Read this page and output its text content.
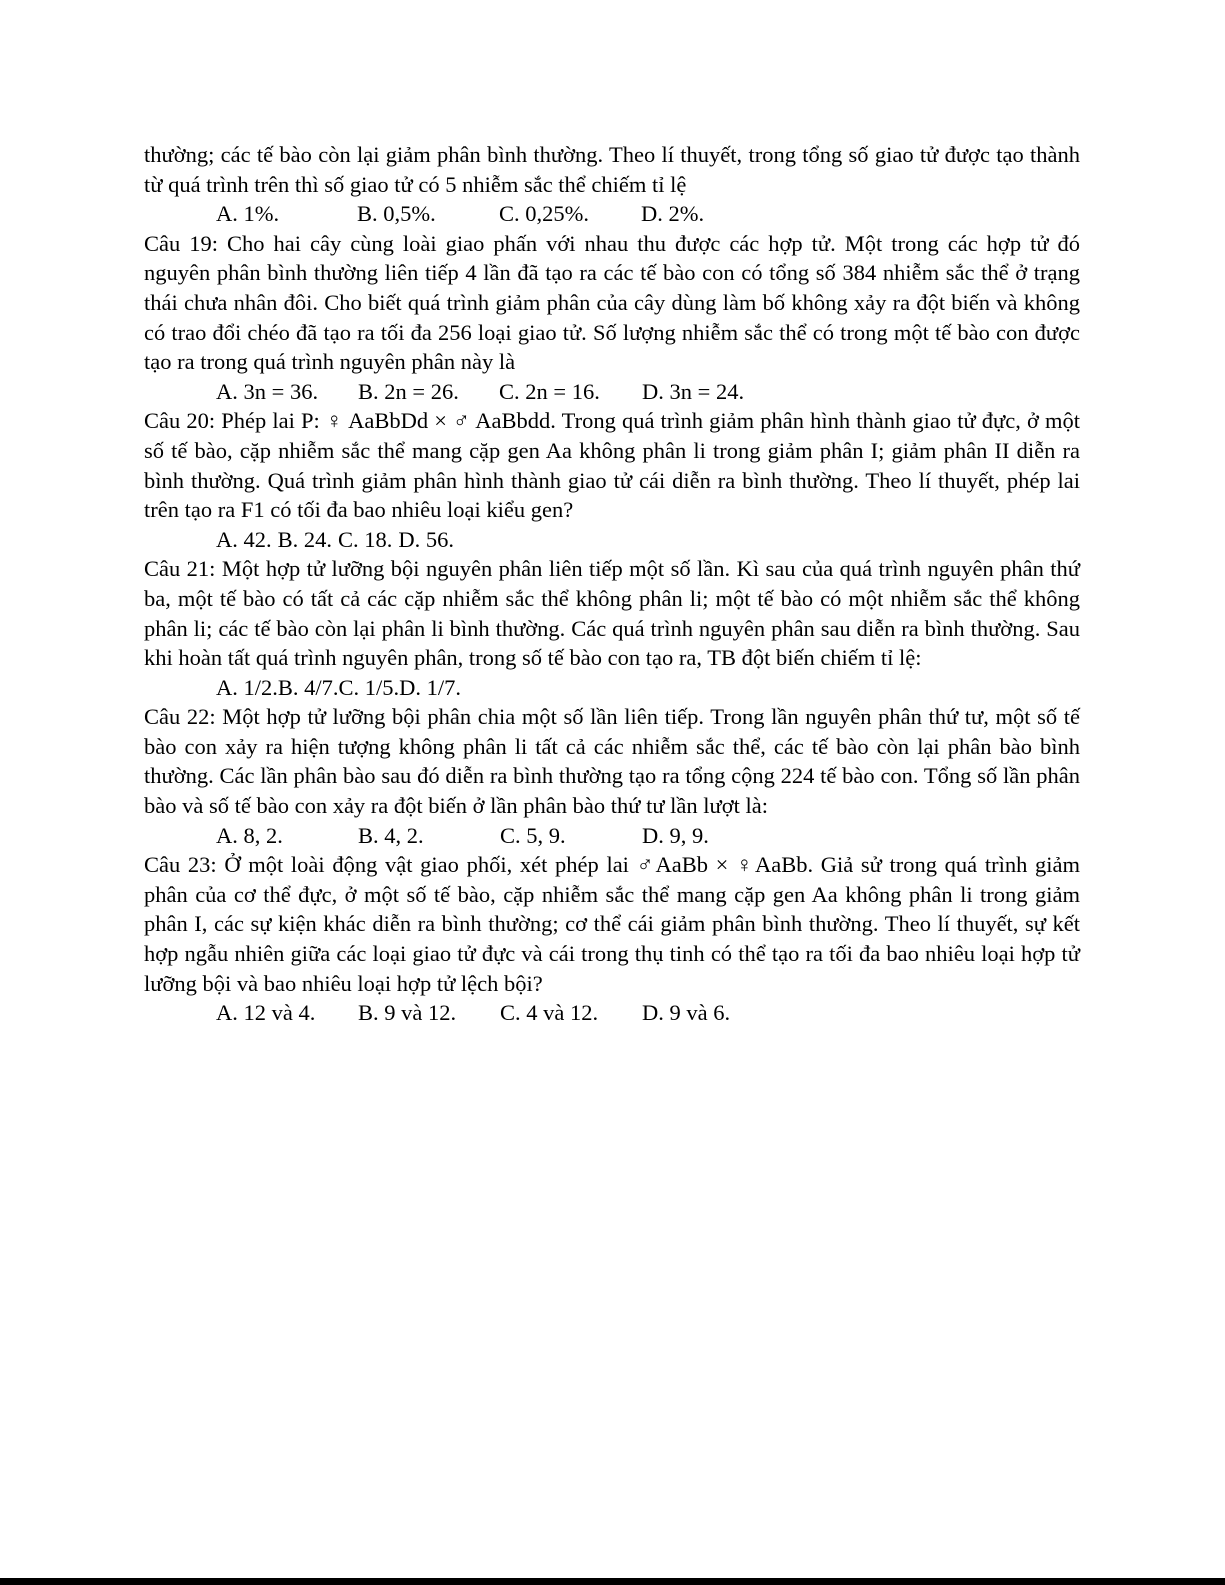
thường; các tế bào còn lại giảm phân bình thường. Theo lí thuyết, trong tổng số giao tử được tạo thành từ quá trình trên thì số giao tử có 5 nhiễm sắc thể chiếm tỉ lệ

A. 1%.	B. 0,5%.	C. 0,25%. D. 2%.

Câu 19: Cho hai cây cùng loài giao phấn với nhau thu được các hợp tử. Một trong các hợp tử đó nguyên phân bình thường liên tiếp 4 lần đã tạo ra các tế bào con có tổng số 384 nhiễm sắc thể ở trạng thái chưa nhân đôi. Cho biết quá trình giảm phân của cây dùng làm bố không xảy ra đột biến và không có trao đổi chéo đã tạo ra tối đa 256 loại giao tử. Số lượng nhiễm sắc thể có trong một tế bào con được tạo ra trong quá trình nguyên phân này là

A. 3n = 36. B. 2n = 26. C. 2n = 16. D. 3n = 24.

Câu 20: Phép lai P: ♀ AaBbDd × ♂ AaBbdd. Trong quá trình giảm phân hình thành giao tử đực, ở một số tế bào, cặp nhiễm sắc thể mang cặp gen Aa không phân li trong giảm phân I; giảm phân II diễn ra bình thường. Quá trình giảm phân hình thành giao tử cái diễn ra bình thường. Theo lí thuyết, phép lai trên tạo ra F1 có tối đa bao nhiêu loại kiểu gen?

A. 42. B. 24. C. 18. D. 56.

Câu 21: Một hợp tử lưỡng bội nguyên phân liên tiếp một số lần. Kì sau của quá trình nguyên phân thứ ba, một tế bào có tất cả các cặp nhiễm sắc thể không phân li; một tế bào có một nhiễm sắc thể không phân li; các tế bào còn lại phân li bình thường. Các quá trình nguyên phân sau diễn ra bình thường. Sau khi hoàn tất quá trình nguyên phân, trong số tế bào con tạo ra, TB đột biến chiếm tỉ lệ:

A. 1/2.B. 4/7.C. 1/5.D. 1/7.

Câu 22: Một hợp tử lưỡng bội phân chia một số lần liên tiếp. Trong lần nguyên phân thứ tư, một số tế bào con xảy ra hiện tượng không phân li tất cả các nhiễm sắc thể, các tế bào còn lại phân bào bình thường. Các lần phân bào sau đó diễn ra bình thường tạo ra tổng cộng 224 tế bào con. Tổng số lần phân bào và số tế bào con xảy ra đột biến ở lần phân bào thứ tư lần lượt là:

A. 8, 2.	B. 4, 2.	C. 5, 9.	D. 9, 9.

Câu 23: Ở một loài động vật giao phối, xét phép lai ♂AaBb × ♀AaBb. Giả sử trong quá trình giảm phân của cơ thể đực, ở một số tế bào, cặp nhiễm sắc thể mang cặp gen Aa không phân li trong giảm phân I, các sự kiện khác diễn ra bình thường; cơ thể cái giảm phân bình thường. Theo lí thuyết, sự kết hợp ngẫu nhiên giữa các loại giao tử đực và cái trong thụ tinh có thể tạo ra tối đa bao nhiêu loại hợp tử lưỡng bội và bao nhiêu loại hợp tử lệch bội?

A. 12 và 4. B. 9 và 12. C. 4 và 12. D. 9 và 6.
